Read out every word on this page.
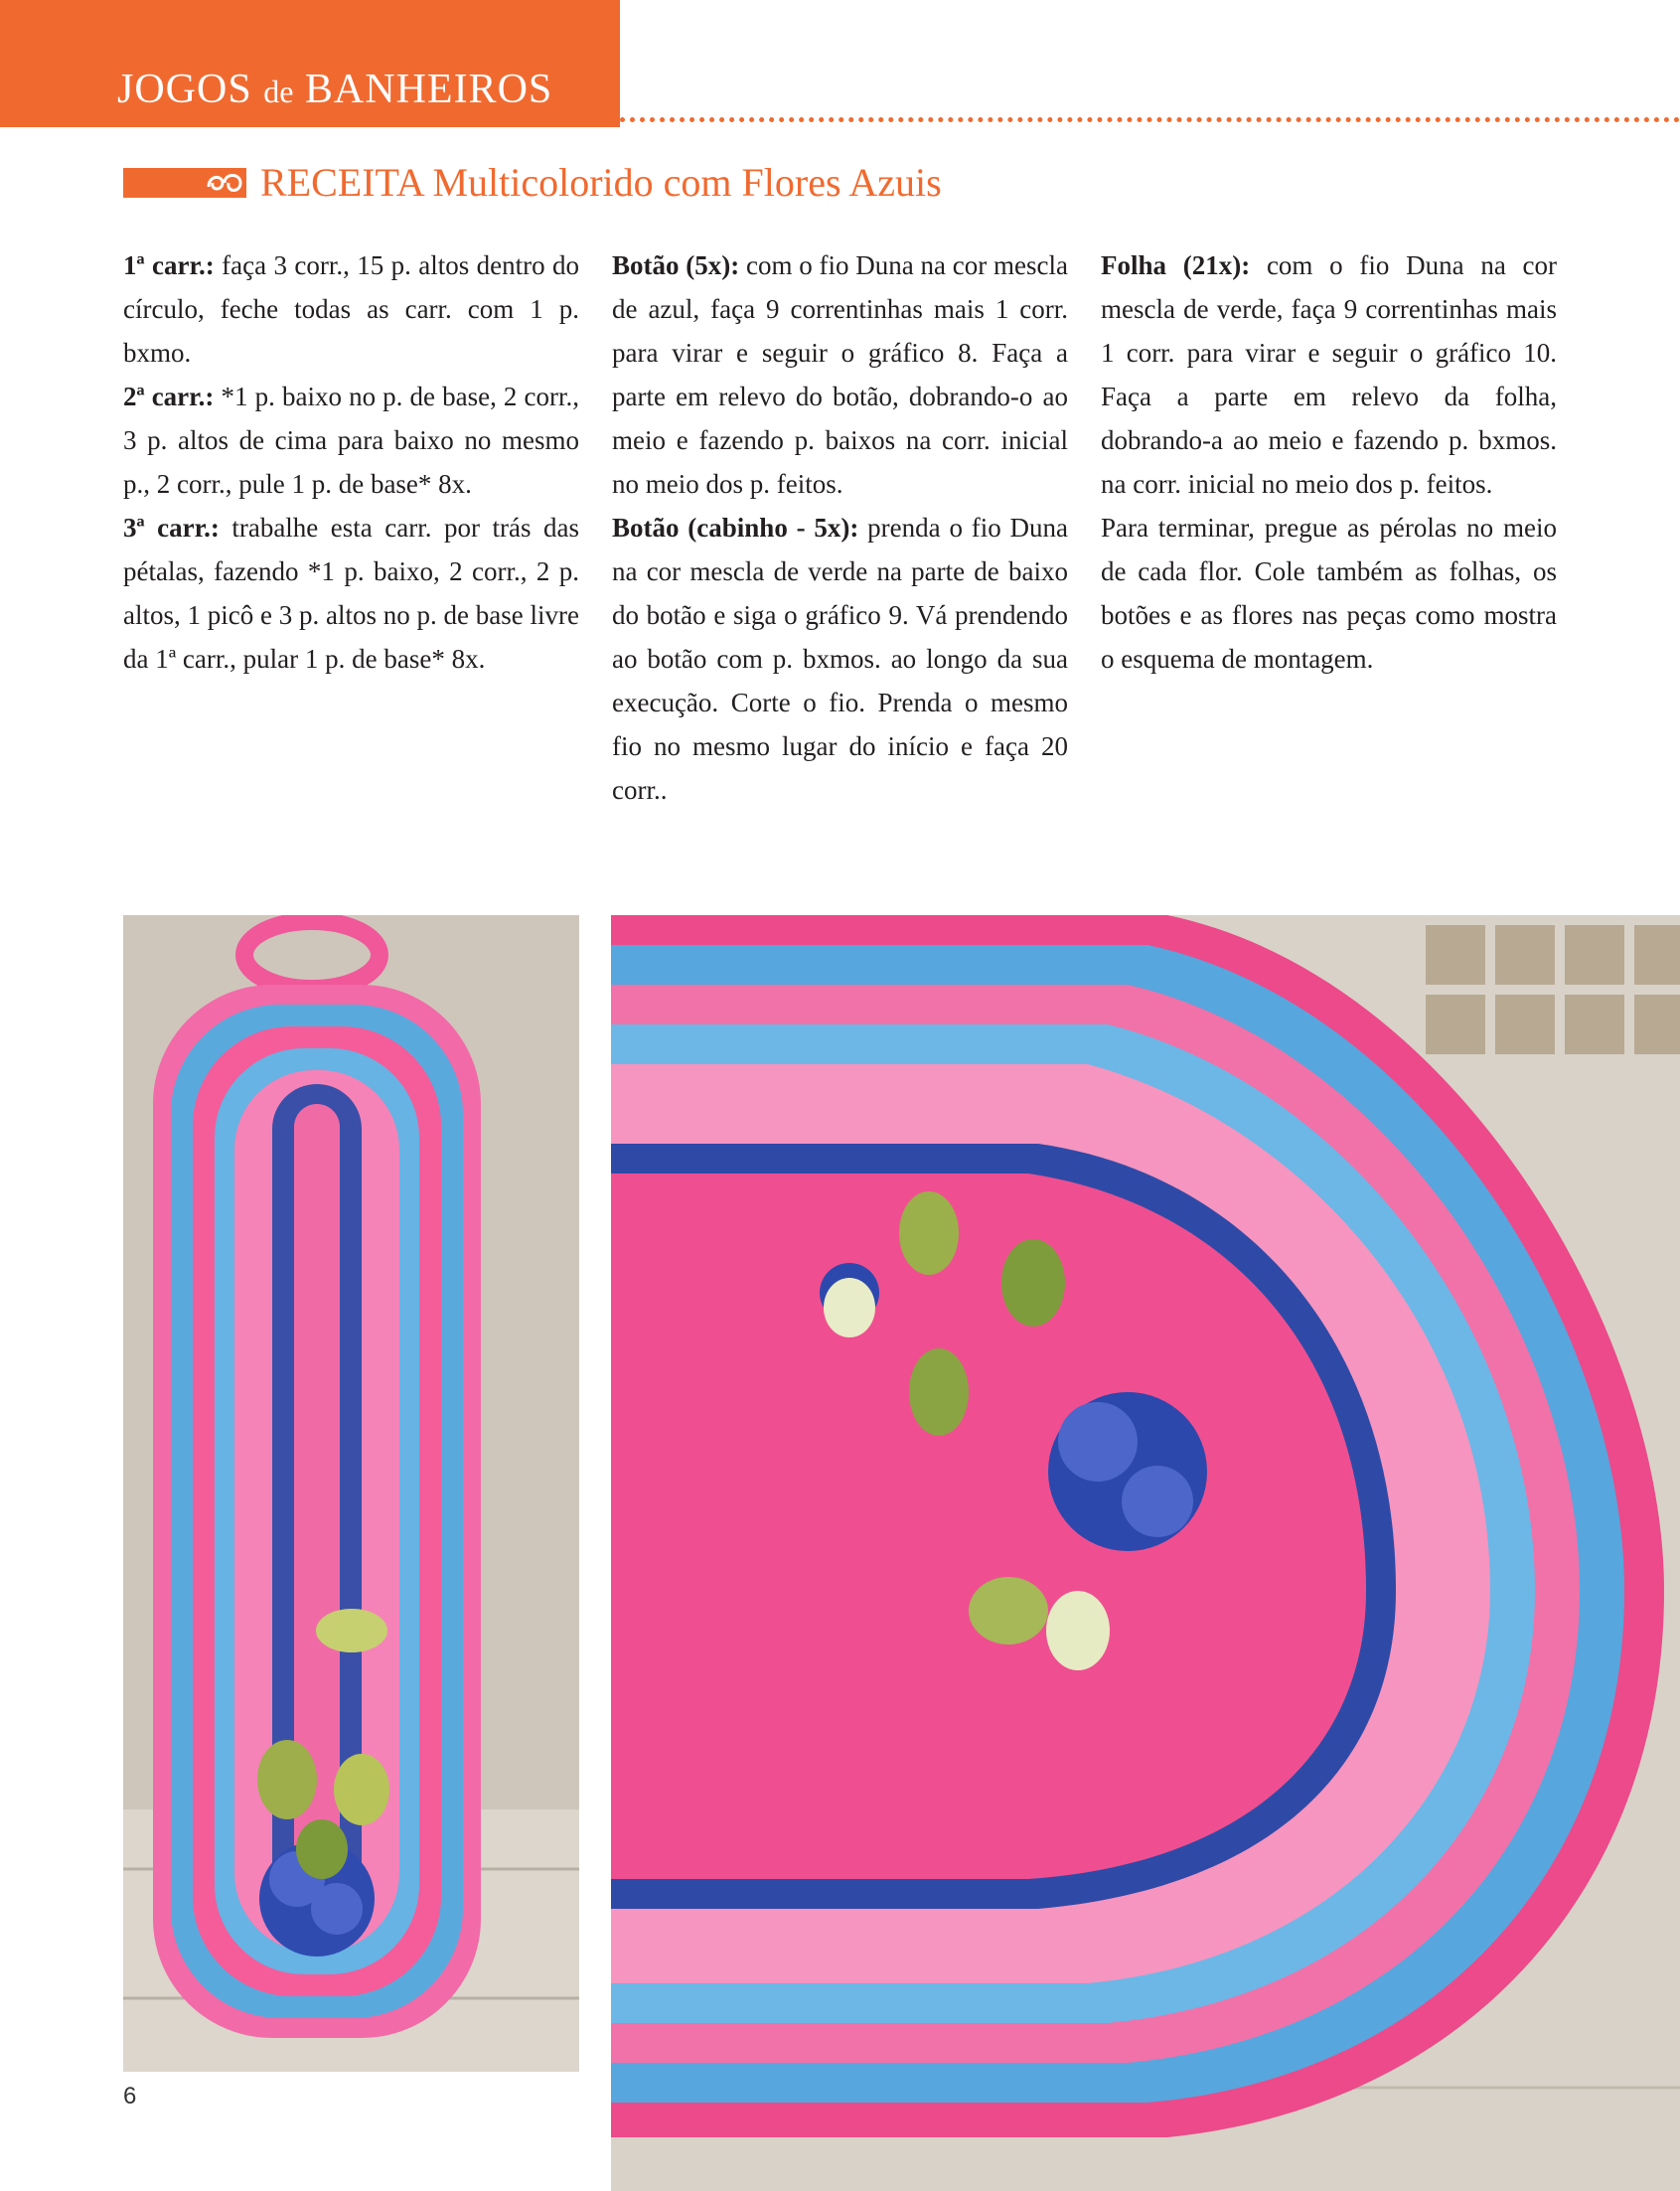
JOGOS de BANHEIROS
RECEITA Multicolorido com Flores Azuis

1ª carr.: faça 3 corr., 15 p. altos dentro do círculo, feche todas as carr. com 1 p. bxmo.

2ª carr.: *1 p. baixo no p. de base, 2 corr., 3 p. altos de cima para baixo no mesmo p., 2 corr., pule 1 p. de base* 8x.

3ª carr.: trabalhe esta carr. por trás das pétalas, fazendo *1 p. baixo, 2 corr., 2 p. altos, 1 picô e 3 p. altos no p. de base livre da 1ª carr., pular 1 p. de base* 8x.

Botão (5x): com o fio Duna na cor mescla de azul, faça 9 correntinhas mais 1 corr. para virar e seguir o gráfico 8. Faça a parte em relevo do botão, dobrando-o ao meio e fazendo p. baixos na corr. inicial no meio dos p. feitos.

Botão (cabinho - 5x): prenda o fio Duna na cor mescla de verde na parte de baixo do botão e siga o gráfico 9. Vá prendendo ao botão com p. bxmos. ao longo da sua execução. Corte o fio. Prenda o mesmo fio no mesmo lugar do início e faça 20 corr..

Folha (21x): com o fio Duna na cor mescla de verde, faça 9 correntinhas mais 1 corr. para virar e seguir o gráfico 10. Faça a parte em relevo da folha, dobrando-a ao meio e fazendo p. bxmos. na corr. inicial no meio dos p. feitos.

Para terminar, pregue as pérolas no meio de cada flor. Cole também as folhas, os botões e as flores nas peças como mostra o esquema de montagem.

6
